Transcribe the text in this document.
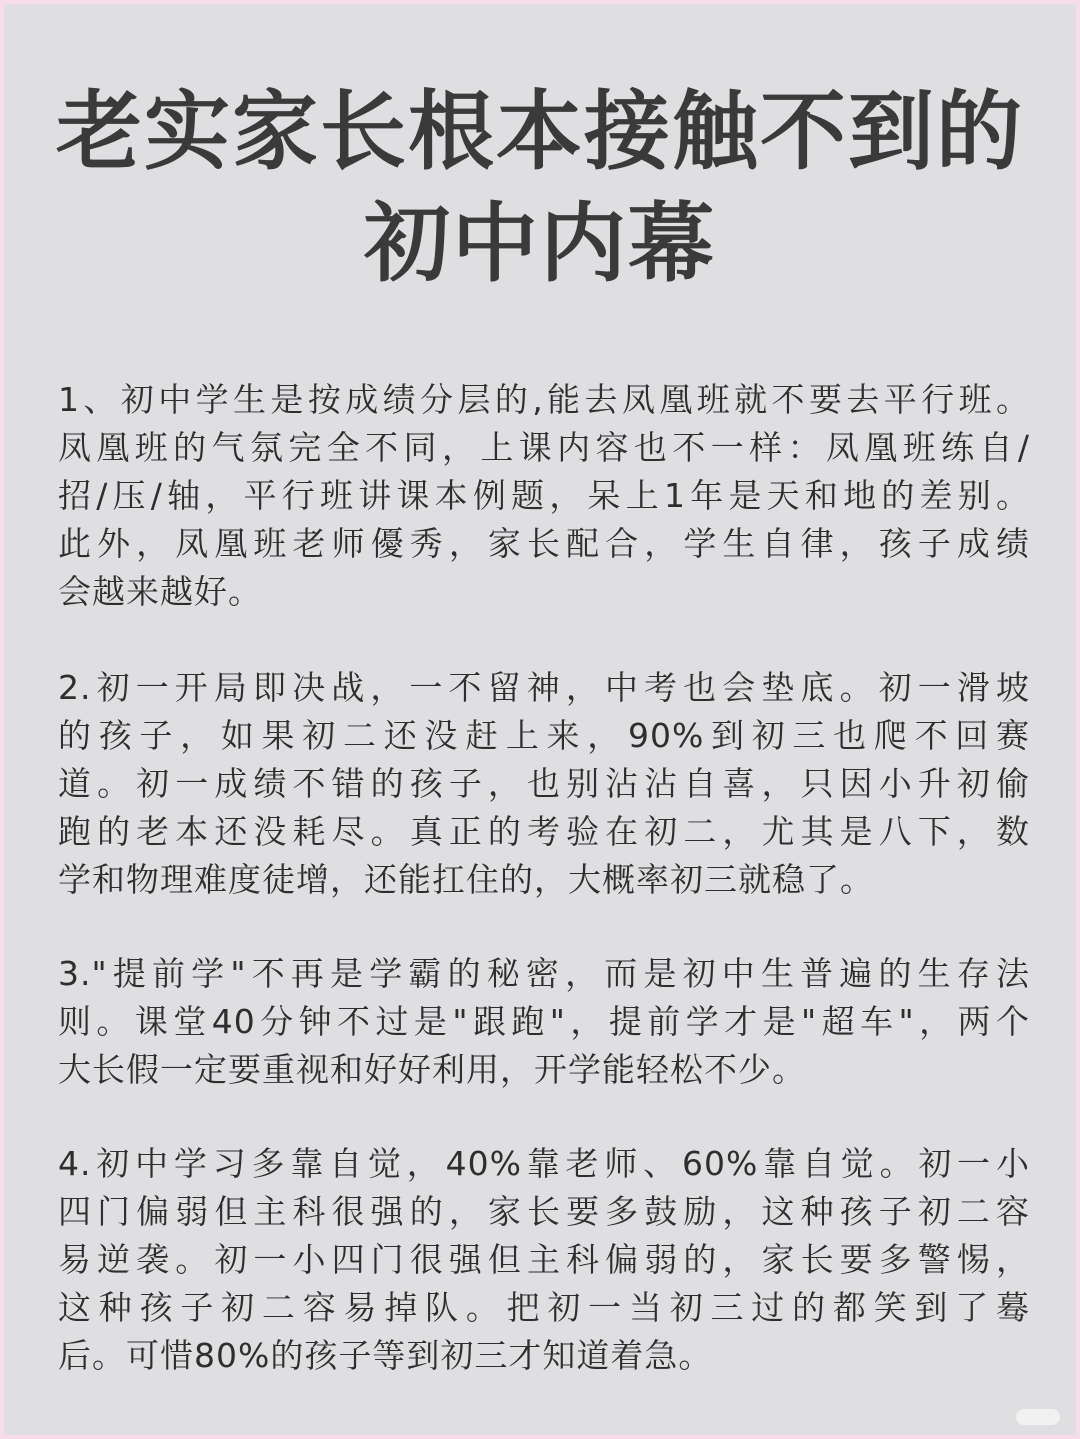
老实家长根本接触不到的
初中内幕
1、初中学生是按成绩分层的,能去凤凰班就不要去平行班。
凤凰班的气氛完全不同，上课内容也不一样：凤凰班练自/
招/压/轴，平行班讲课本例题，呆上1年是天和地的差别。
此外，凤凰班老师優秀，家长配合，学生自律，孩子成绩
会越来越好。
2.初一开局即决战，一不留神，中考也会垫底。初一滑坡
的孩子，如果初二还没赶上来，90%到初三也爬不回赛
道。初一成绩不错的孩子，也别沾沾自喜，只因小升初偷
跑的老本还没耗尽。真正的考验在初二，尤其是八下，数
学和物理难度徒增，还能扛住的，大概率初三就稳了。
3."提前学"不再是学霸的秘密，而是初中生普遍的生存法
则。课堂40分钟不过是"跟跑"，提前学才是"超车"，两个
大长假一定要重视和好好利用，开学能轻松不少。
4.初中学习多靠自觉，40%靠老师、60%靠自觉。初一小
四门偏弱但主科很强的，家长要多鼓励，这种孩子初二容
易逆袭。初一小四门很强但主科偏弱的，家长要多警惕，
这种孩子初二容易掉队。把初一当初三过的都笑到了蓦
后。可惜80%的孩子等到初三才知道着急。
